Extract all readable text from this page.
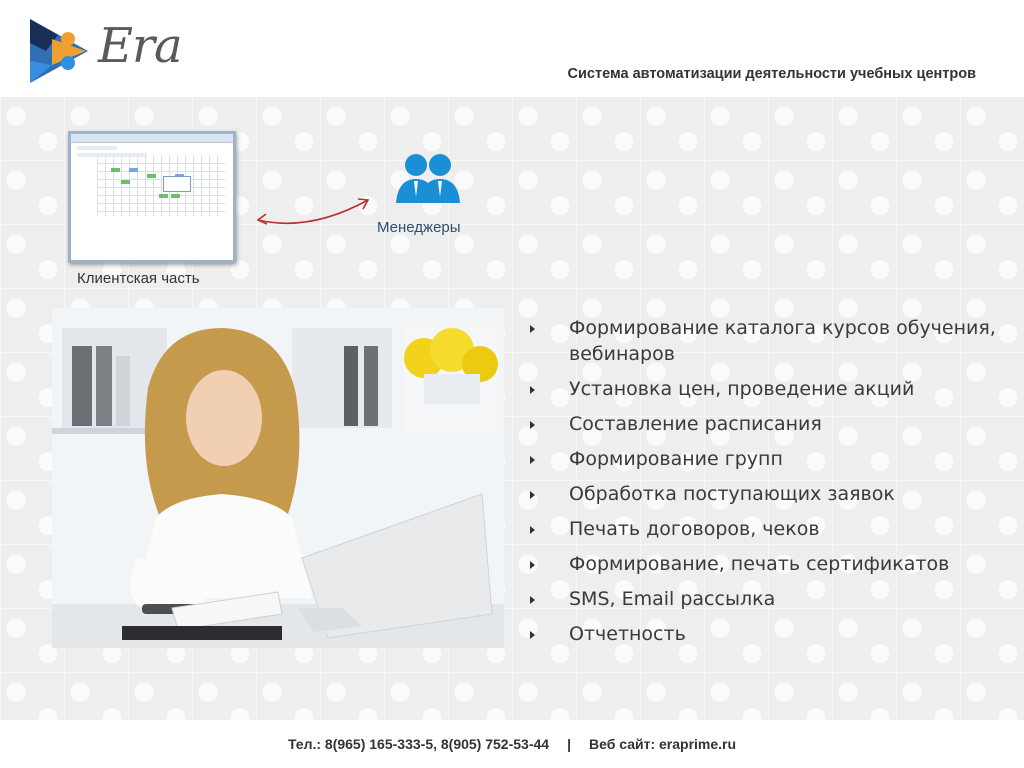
Era	Система автоматизации деятельности учебных центров
Клиентская часть
Менеджеры
Формирование каталога курсов обучения, вебинаров
Установка цен, проведение акций
Составление расписания
Формирование групп
Обработка поступающих заявок
Печать договоров, чеков
Формирование, печать сертификатов
SMS, Email рассылка
Отчетность
Тел.: 8(965) 165-333-5, 8(905) 752-53-44 | Веб сайт: eraprime.ru
